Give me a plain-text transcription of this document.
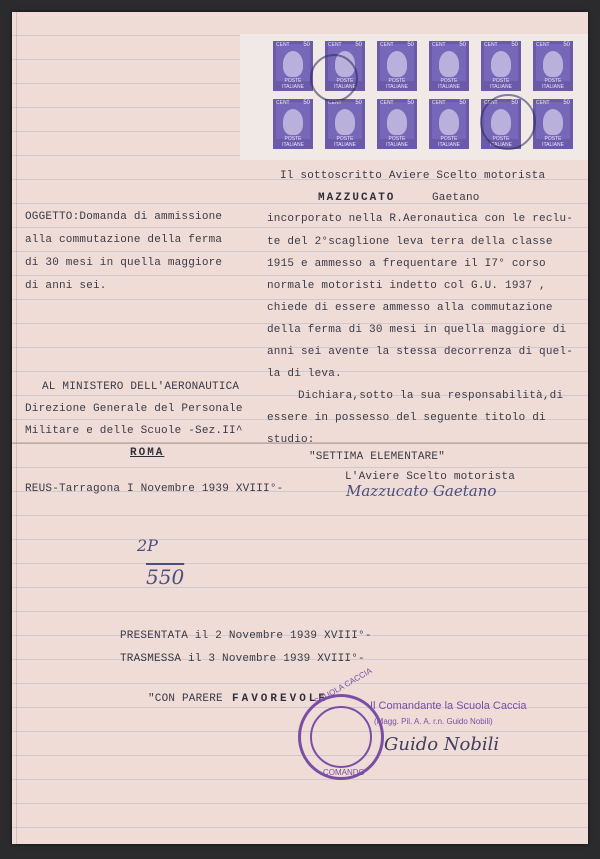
CENT 50
POSTE ITALIANE
CENT 50
POSTE ITALIANE
CENT 50
POSTE ITALIANE
CENT 50
POSTE ITALIANE
CENT 50
POSTE ITALIANE
CENT 50
POSTE ITALIANE
CENT 50
POSTE ITALIANE
CENT 50
POSTE ITALIANE
CENT 50
POSTE ITALIANE
CENT 50
POSTE ITALIANE
CENT 50
POSTE ITALIANE
CENT 50
POSTE ITALIANE
OGGETTO:Domanda di ammissione
alla commutazione della ferma
di 30 mesi in quella maggiore
di anni sei.
Il sottoscritto Aviere Scelto motorista
MAZZUCATO	Gaetano
incorporato nella R.Aeronautica con le reclu-
te del 2°scaglione leva terra della classe
1915 e ammesso a frequentare il I7° corso
normale motoristi indetto col G.U. 1937 ,
chiede di essere ammesso alla commutazione
della ferma di 30 mesi in quella maggiore di
anni sei avente la stessa decorrenza di quel-
la di leva.
AL MINISTERO DELL'AERONAUTICA
Direzione Generale del Personale
Militare e delle Scuole -Sez.II^
ROMA
Dichiara,sotto la sua responsabilità,di
essere in possesso del seguente titolo di
studio:
"SETTIMA ELEMENTARE"
L'Aviere Scelto motorista
REUS-Tarragona I Novembre 1939 XVIII°-	Mazzucato Gaetano
2P
550
PRESENTATA il 2 Novembre 1939 XVIII°-
TRASMESSA il 3 Novembre 1939 XVIII°-
"CON PARERE FAVOREVOLE
SCUOLA CACCIA
COMANDO
Il Comandante la Scuola Caccia
(Magg. Pil. A. A. r.n. Guido Nobili)
Guido Nobili
